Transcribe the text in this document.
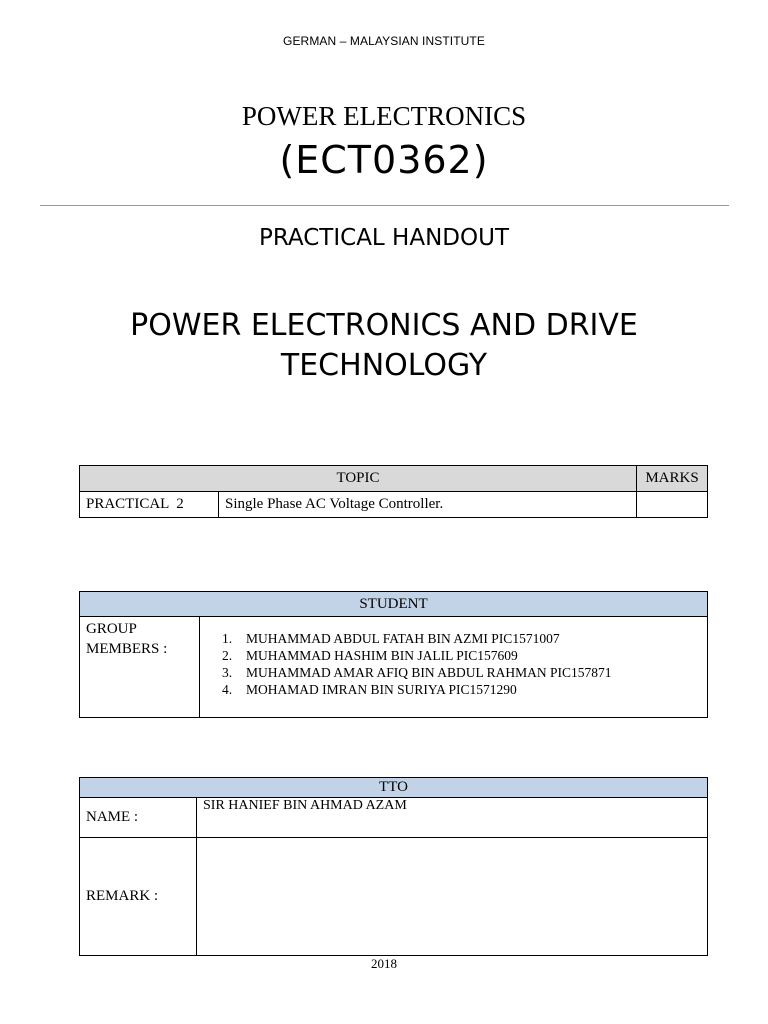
GERMAN – MALAYSIAN INSTITUTE
POWER ELECTRONICS
(ECT0362)
PRACTICAL HANDOUT
POWER ELECTRONICS AND DRIVE TECHNOLOGY
TOPIC		MARKS
PRACTICAL  2	Single Phase AC Voltage Controller.	
STUDENT
GROUP MEMBERS :	
1. MUHAMMAD ABDUL FATAH BIN AZMI PIC1571007
2. MUHAMMAD HASHIM BIN JALIL PIC157609
3. MUHAMMAD AMAR AFIQ BIN ABDUL RAHMAN PIC157871
4. MOHAMAD IMRAN BIN SURIYA PIC1571290
TTO	
NAME :	SIR HANIEF BIN AHMAD AZAM
REMARK :	
2018
